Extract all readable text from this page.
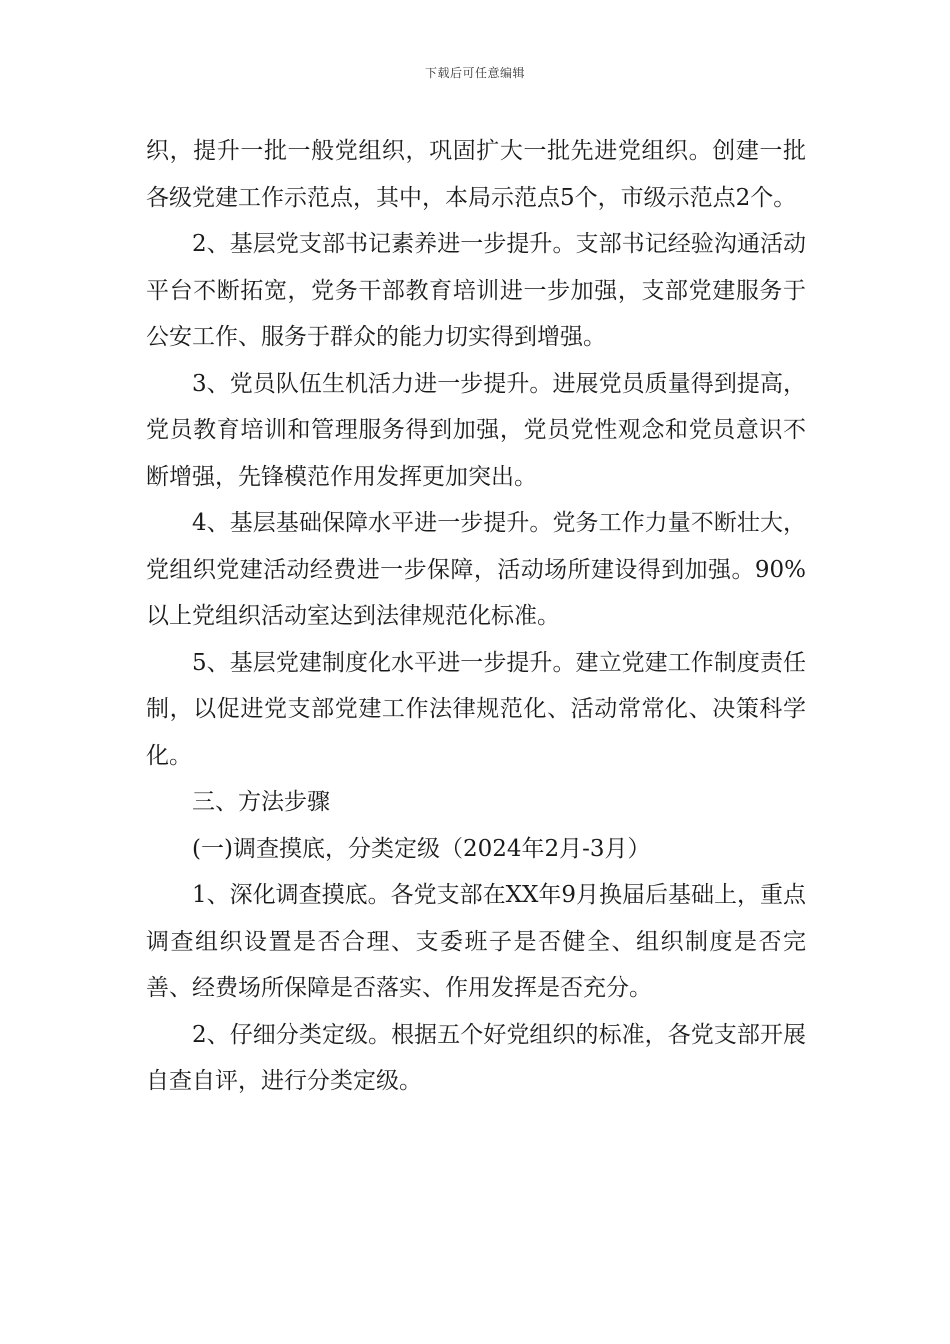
下载后可任意编辑

织，提升一批一般党组织，巩固扩大一批先进党组织。创建一批各级党建工作示范点，其中，本局示范点5个，市级示范点2个。

2、基层党支部书记素养进一步提升。支部书记经验沟通活动平台不断拓宽，党务干部教育培训进一步加强，支部党建服务于公安工作、服务于群众的能力切实得到增强。

3、党员队伍生机活力进一步提升。进展党员质量得到提高，党员教育培训和管理服务得到加强，党员党性观念和党员意识不断增强，先锋模范作用发挥更加突出。

4、基层基础保障水平进一步提升。党务工作力量不断壮大，党组织党建活动经费进一步保障，活动场所建设得到加强。90%以上党组织活动室达到法律规范化标准。

5、基层党建制度化水平进一步提升。建立党建工作制度责任制，以促进党支部党建工作法律规范化、活动常常化、决策科学化。

三、方法步骤

(一)调查摸底，分类定级（2024年2月-3月）

1、深化调查摸底。各党支部在XX年9月换届后基础上，重点调查组织设置是否合理、支委班子是否健全、组织制度是否完善、经费场所保障是否落实、作用发挥是否充分。

2、仔细分类定级。根据五个好党组织的标准，各党支部开展自查自评，进行分类定级。
